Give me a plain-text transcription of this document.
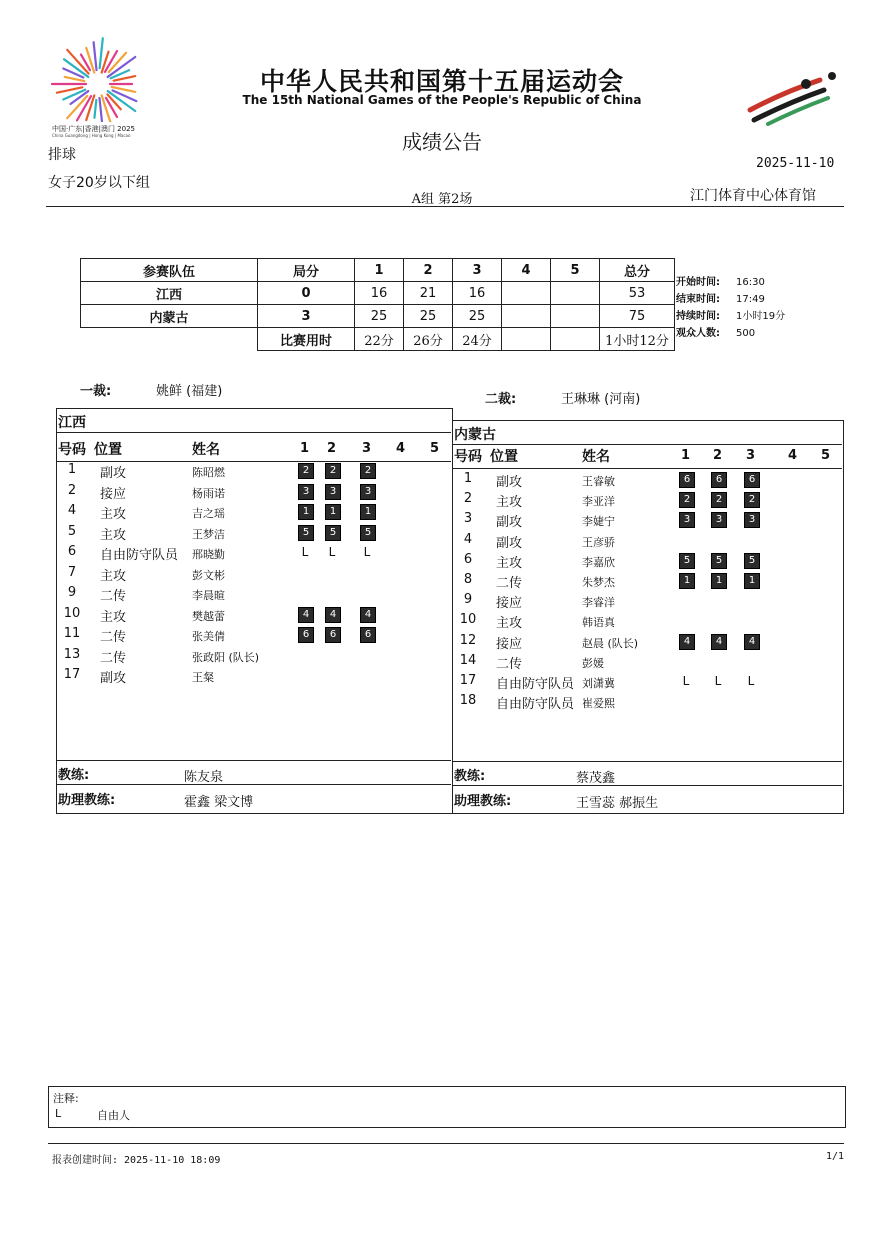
中国·广东|香港|澳门 2025
China Guangdong | Hong Kong | Macao
中华人民共和国第十五届运动会
The 15th National Games of the People's Republic of China
成绩公告
排球
2025-11-10
女子20岁以下组
A组 第2场	江门体育中心体育馆
参赛队伍	局分	1	2	3	4	5	总分
江西	0	16	21	16			53
内蒙古	3	25	25	25			75
	比赛用时	22分	26分	24分			1小时12分
开始时间: 16:30
结束时间: 17:49
持续时间: 1小时19分
观众人数: 500
一裁:	姚鲜 (福建)
二裁:	王琳琳 (河南)
江西
号码 位置	姓名	1 2 3 4 5
1	副攻	陈昭燃	2	2	2
2	接应	杨雨诺	3	3	3
4	主攻	吉之瑶	1	1	1
5	主攻	王梦洁	5	5	5
6	自由防守队员 邢晓勤	L	L	L
7	主攻	彭文彬
9	二传	李晨暄
10 主攻	樊越蕾	4	4	4
11 二传	张美倩	6	6	6
13 二传	张政阳 (队长)
17 副攻	王粲
教练:	陈友泉
助理教练:	霍鑫 梁文博
内蒙古
号码 位置	姓名	1 2 3	4 5
1	副攻	王睿敏	6	6	6
2	主攻	李亚洋	2	2	2
3	副攻	李婕宁	3	3	3
4	副攻	王彦骄
6	主攻	李嘉欣	5	5	5
8	二传	朱梦杰	1	1	1
9	接应	李睿洋
10 主攻	韩语真
12 接应	赵晨 (队长)	4	4	4
14 二传	彭媛
17 自由防守队员 刘潇冀	L	L	L
18 自由防守队员 崔爱熙
教练:	蔡茂鑫
助理教练:	王雪蕊 郝振生
注释:
L	自由人
报表创建时间: 2025-11-10 18:09	1/1
